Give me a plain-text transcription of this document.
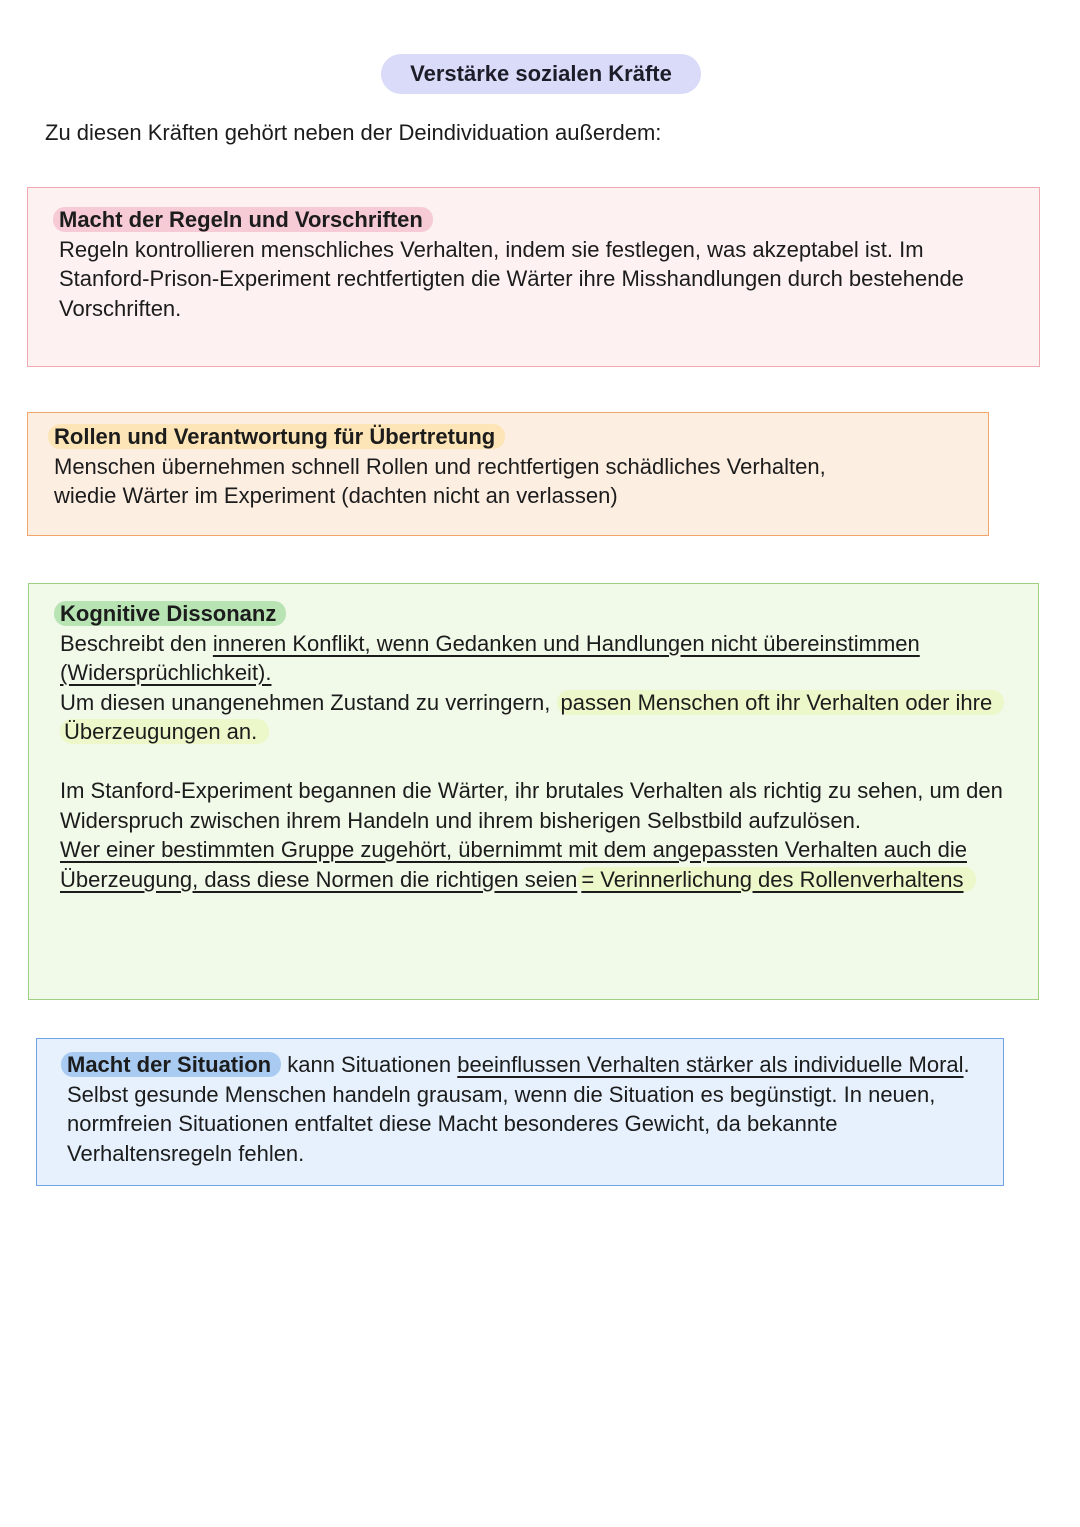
Verstärke sozialen Kräfte
Zu diesen Kräften gehört neben der Deindividuation außerdem:

Macht der Regeln und Vorschriften

Regeln kontrollieren menschliches Verhalten, indem sie festlegen, was akzeptabel ist. Im Stanford-Prison-Experiment rechtfertigten die Wärter ihre Misshandlungen durch bestehende Vorschriften.

Rollen und Verantwortung für Übertretung

Menschen übernehmen schnell Rollen und rechtfertigen schädliches Verhalten,

wiedie Wärter im Experiment (dachten nicht an verlassen)

Kognitive Dissonanz

Beschreibt den inneren Konflikt, wenn Gedanken und Handlungen nicht übereinstimmen (Widersprüchlichkeit).

Um diesen unangenehmen Zustand zu verringern, passen Menschen oft ihr Verhalten oder ihre Überzeugungen an.

Im Stanford-Experiment begannen die Wärter, ihr brutales Verhalten als richtig zu sehen, um den Widerspruch zwischen ihrem Handeln und ihrem bisherigen Selbstbild aufzulösen.

Wer einer bestimmten Gruppe zugehört, übernimmt mit dem angepassten Verhalten auch die Überzeugung, dass diese Normen die richtigen seien = Verinnerlichung des Rollenverhaltens

Macht der Situation kann Situationen beeinflussen Verhalten stärker als individuelle Moral. Selbst gesunde Menschen handeln grausam, wenn die Situation es begünstigt. In neuen, normfreien Situationen entfaltet diese Macht besonderes Gewicht, da bekannte Verhaltensregeln fehlen.
